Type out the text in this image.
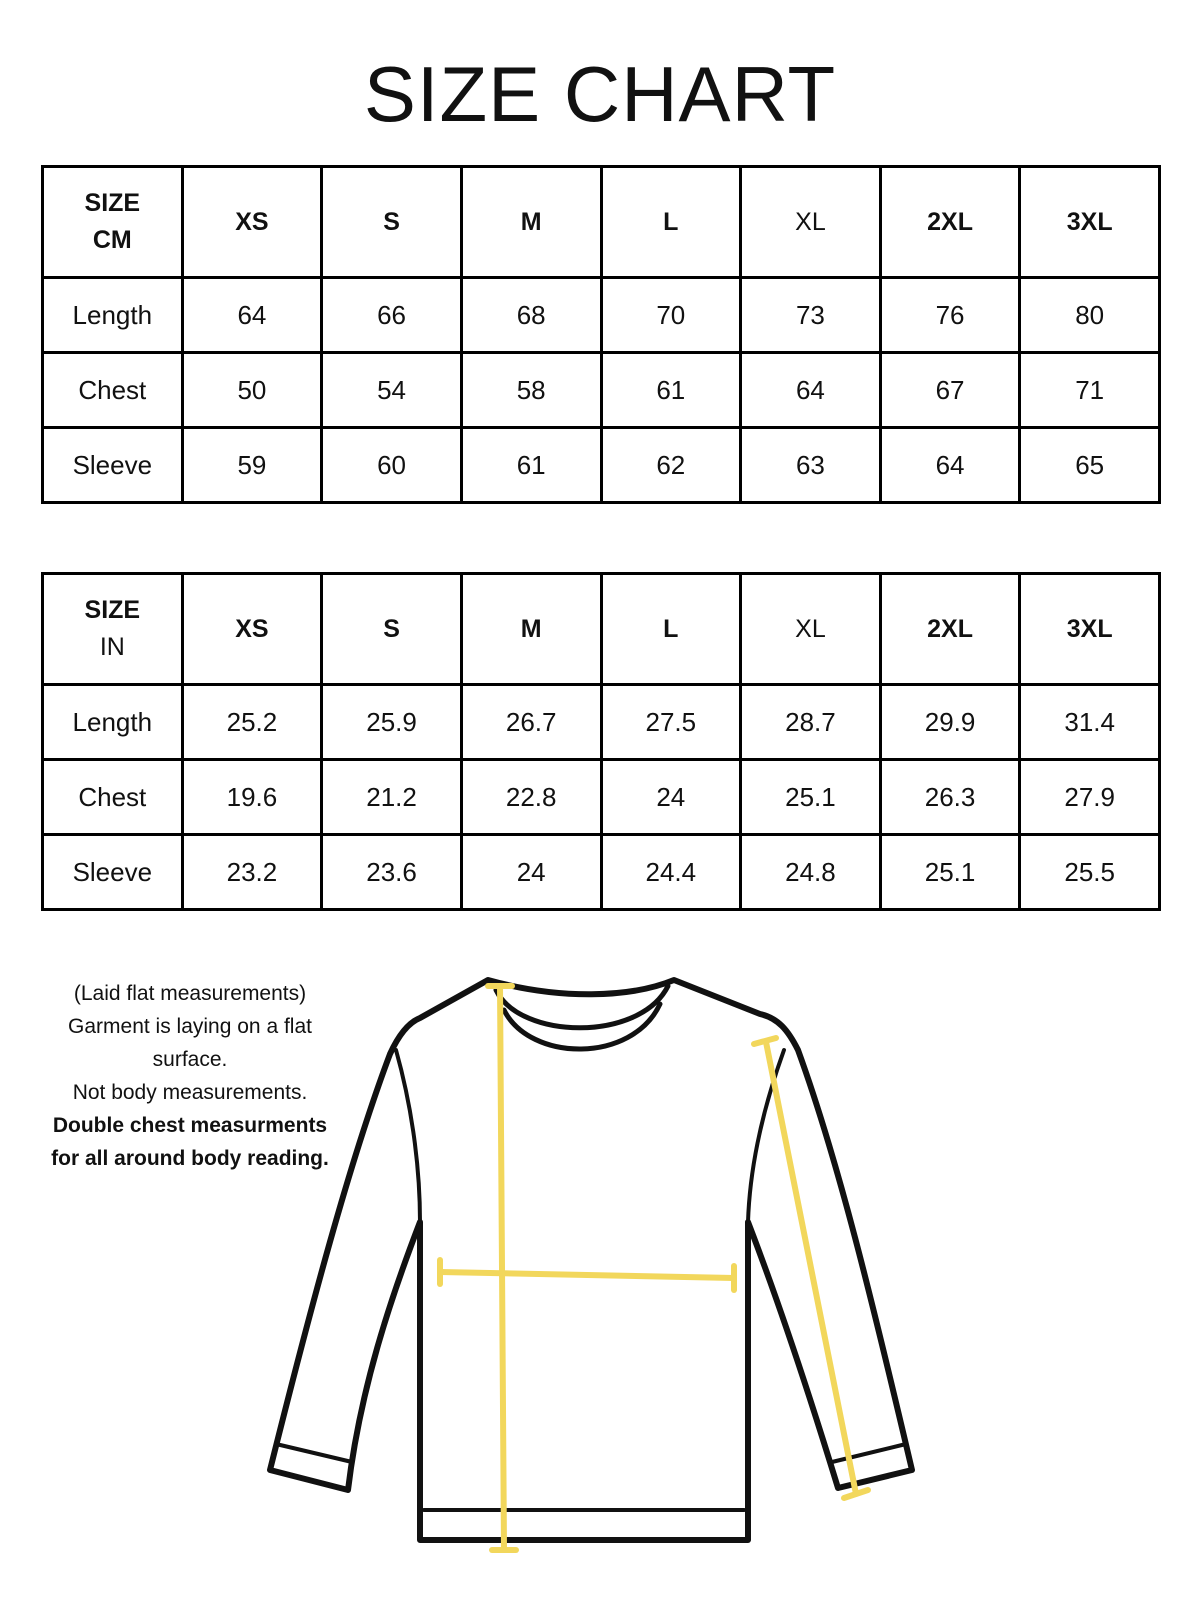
SIZE CHART
SIZE
CM	XS	S	M	L	XL	2XL	3XL
Length	64	66	68	70	73	76	80
Chest	50	54	58	61	64	67	71
Sleeve	59	60	61	62	63	64	65
SIZE
IN	XS	S	M	L	XL	2XL	3XL
Length	25.2	25.9	26.7	27.5	28.7	29.9	31.4
Chest	19.6	21.2	22.8	24	25.1	26.3	27.9
Sleeve	23.2	23.6	24	24.4	24.8	25.1	25.5
(Laid flat measurements)
Garment is laying on a flat surface.
Not body measurements.
Double chest measurments for all around body reading.
